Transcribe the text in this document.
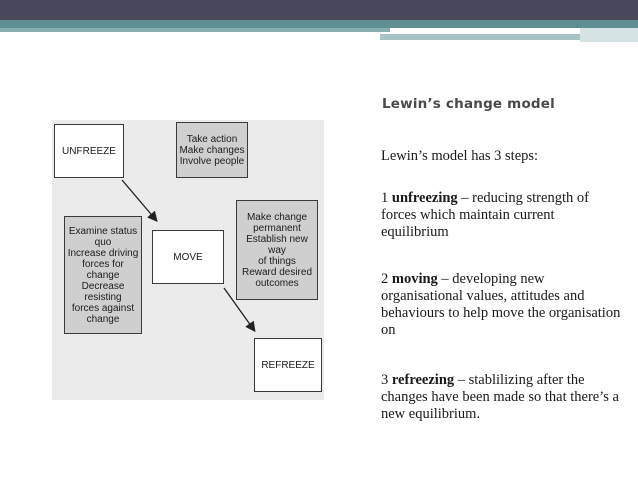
UNFREEZE
Take action
Make changes
Involve people
Examine status
quo
Increase driving
forces for change
Decrease resisting
forces against
change
MOVE
Make change
permanent
Establish new way
of things
Reward desired
outcomes
REFREEZE
Lewin’s change model
Lewin’s model has 3 steps:
1 unfreezing – reducing strength of forces which maintain current equilibrium
2 moving – developing new organisational values, attitudes and behaviours to help move the organisation on
3 refreezing – stablilizing after the changes have been made so that there’s a new equilibrium.
